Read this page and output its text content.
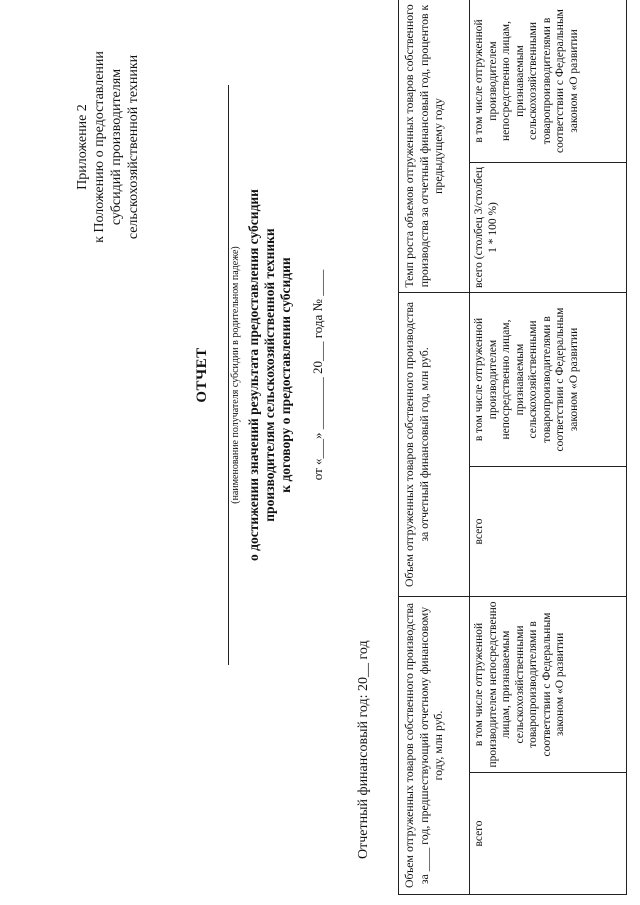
Приложение 2 к Положению о предоставлении субсидий производителям сельскохозяйственной техники
ОТЧЕТ (наименование получателя субсидии в родительном падеже) о достижении значений результата предоставления субсидии производителям сельскохозяйственной техники к договору о предоставлении субсидии от «___» ________ 20___ года № ____
Отчетный финансовый год: 20__ год	Объем отгруженных товаров собственного производства за ____ год, предшествующий отчетному финансовому году, млн руб.		Объем отгруженных товаров собственного производства за отчетный финансовый год, млн руб.		Темп роста объемов отгруженных товаров собственного производства за отчетный финансовый год, процентов к предыдущему году	
всего	в том числе отгруженной производителем непосредственно лицам, признаваемым сельскохозяйственными товаропроизводителями в соответствии с Федеральным законом «О развитии	всего	в том числе отгруженной производителем непосредственно лицам, признаваемым сельскохозяйственными товаропроизводителями в соответствии с Федеральным законом «О развитии	всего (столбец 3/столбец 1 * 100 %)	в том числе отгруженной производителем непосредственно лицам, признаваемым сельскохозяйственными товаропроизводителями в соответствии с Федеральным законом «О развитии
